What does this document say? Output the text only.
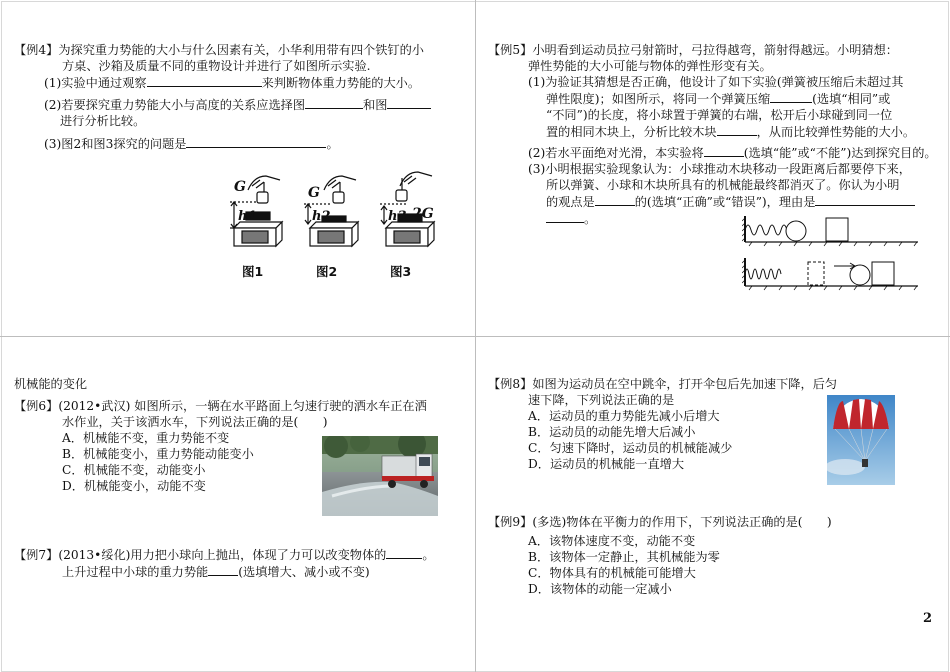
【例4】为探究重力势能的大小与什么因素有关，小华利用带有四个铁钉的小
方桌、沙箱及质量不同的重物设计并进行了如图所示实验.
(1)实验中通过观察	来判断物体重力势能的大小。
(2)若要探究重力势能大小与高度的关系应选择图	和图
进行分析比较。
(3)图2和图3探究的问题是	。
G	G
2G
h1	h2	h3
图1	图2	图3
【例5】小明看到运动员拉弓射箭时，弓拉得越弯，箭射得越远。小明猜想：
弹性势能的大小可能与物体的弹性形变有关。
(1)为验证其猜想是否正确，他设计了如下实验(弹簧被压缩后未超过其
弹性限度)；如图所示，将同一个弹簧压缩	(选填“相同”或
“不同”)的长度，将小球置于弹簧的右端，松开后小球碰到同一位
置的相同木块上，分析比较木块	，从而比较弹性势能的大小。
(2)若水平面绝对光滑，本实验将	(选填“能”或“不能”)达到探究目的。
(3)小明根据实验现象认为：小球推动木块移动一段距离后都要停下来，
所以弹簧、小球和木块所具有的机械能最终都消灭了。你认为小明
的观点是	的(选填“正确”或“错误”)，理由是
。
机械能的变化
【例6】(2012•武汉) 如图所示，一辆在水平路面上匀速行驶的洒水车正在洒
水作业，关于该洒水车，下列说法正确的是(　　)
A．机械能不变，重力势能不变
B．机械能变小，重力势能动能变小
C．机械能不变，动能变小
D．机械能变小，动能不变
【例7】(2013•绥化)用力把小球向上抛出，体现了力可以改变物体的	。
上升过程中小球的重力势能 (选填增大、减小或不变)
【例8】如图为运动员在空中跳伞，打开伞包后先加速下降，后匀
速下降，下列说法正确的是
A．运动员的重力势能先减小后增大
B．运动员的动能先增大后减小
C．匀速下降时，运动员的机械能减少
D．运动员的机械能一直增大
【例9】(多选)物体在平衡力的作用下，下列说法正确的是(　　)
A．该物体速度不变，动能不变
B．该物体一定静止，其机械能为零
C．物体具有的机械能可能增大
D．该物体的动能一定减小
2
